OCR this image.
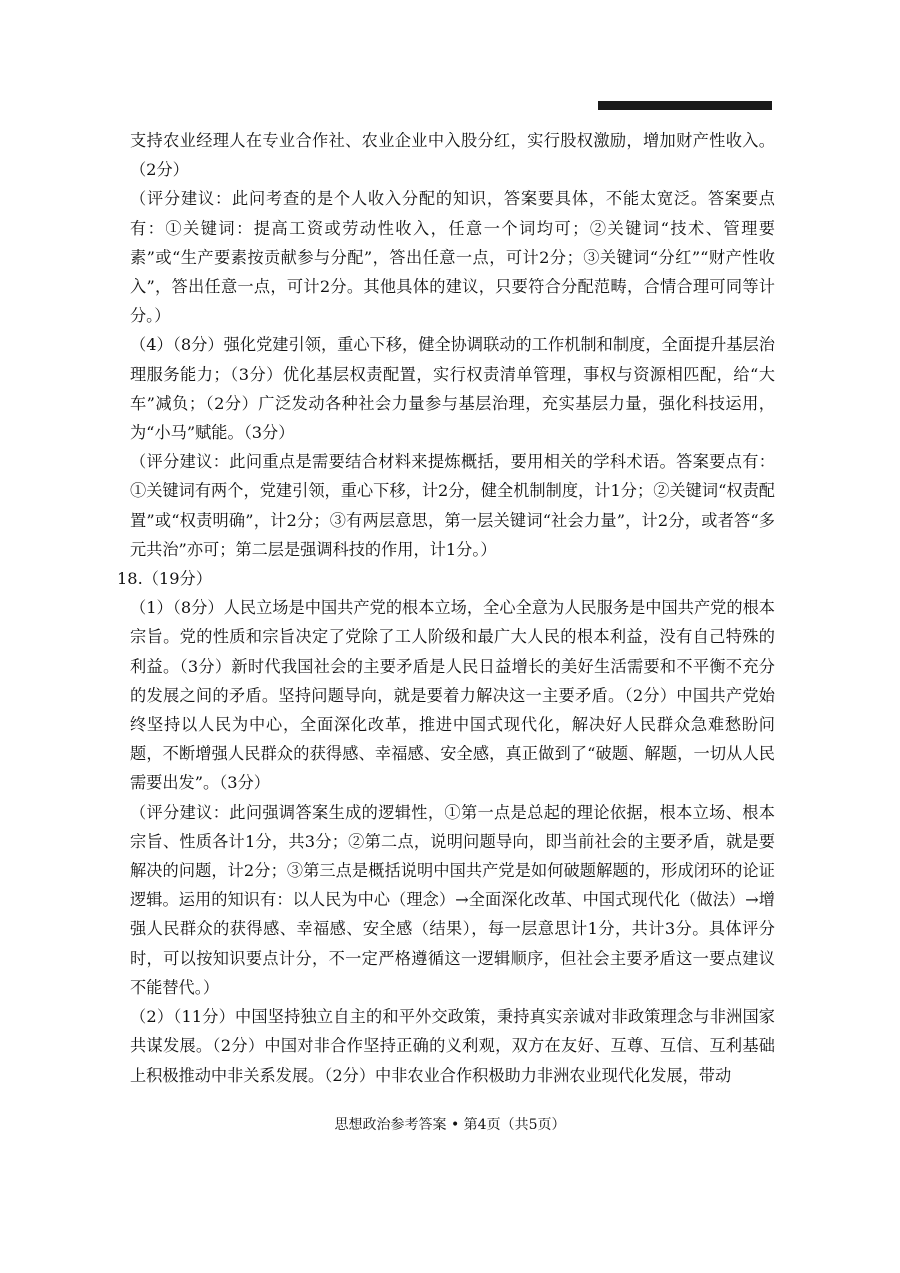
支持农业经理人在专业合作社、农业企业中入股分红，实行股权激励，增加财产性收入。（2分）

（评分建议：此问考查的是个人收入分配的知识，答案要具体，不能太宽泛。答案要点有：①关键词：提高工资或劳动性收入，任意一个词均可；②关键词“技术、管理要素”或“生产要素按贡献参与分配”，答出任意一点，可计2分；③关键词“分红”“财产性收入”，答出任意一点，可计2分。其他具体的建议，只要符合分配范畴，合情合理可同等计分。）

（4）（8分）强化党建引领，重心下移，健全协调联动的工作机制和制度，全面提升基层治理服务能力；（3分）优化基层权责配置，实行权责清单管理，事权与资源相匹配，给“大车”减负；（2分）广泛发动各种社会力量参与基层治理，充实基层力量，强化科技运用，为“小马”赋能。（3分）

（评分建议：此问重点是需要结合材料来提炼概括，要用相关的学科术语。答案要点有：①关键词有两个，党建引领，重心下移，计2分，健全机制制度，计1分；②关键词“权责配置”或“权责明确”，计2分；③有两层意思，第一层关键词“社会力量”，计2分，或者答“多元共治”亦可；第二层是强调科技的作用，计1分。）

18.（19分）

（1）（8分）人民立场是中国共产党的根本立场，全心全意为人民服务是中国共产党的根本宗旨。党的性质和宗旨决定了党除了工人阶级和最广大人民的根本利益，没有自己特殊的利益。（3分）新时代我国社会的主要矛盾是人民日益增长的美好生活需要和不平衡不充分的发展之间的矛盾。坚持问题导向，就是要着力解决这一主要矛盾。（2分）中国共产党始终坚持以人民为中心，全面深化改革，推进中国式现代化，解决好人民群众急难愁盼问题，不断增强人民群众的获得感、幸福感、安全感，真正做到了“破题、解题，一切从人民需要出发”。（3分）

（评分建议：此问强调答案生成的逻辑性，①第一点是总起的理论依据，根本立场、根本宗旨、性质各计1分，共3分；②第二点，说明问题导向，即当前社会的主要矛盾，就是要解决的问题，计2分；③第三点是概括说明中国共产党是如何破题解题的，形成闭环的论证逻辑。运用的知识有：以人民为中心（理念）→全面深化改革、中国式现代化（做法）→增强人民群众的获得感、幸福感、安全感（结果），每一层意思计1分，共计3分。具体评分时，可以按知识要点计分，不一定严格遵循这一逻辑顺序，但社会主要矛盾这一要点建议不能替代。）

（2）（11分）中国坚持独立自主的和平外交政策，秉持真实亲诚对非政策理念与非洲国家共谋发展。（2分）中国对非合作坚持正确的义利观，双方在友好、互尊、互信、互利基础上积极推动中非关系发展。（2分）中非农业合作积极助力非洲农业现代化发展，带动

思想政治参考答案 • 第4页（共5页）
